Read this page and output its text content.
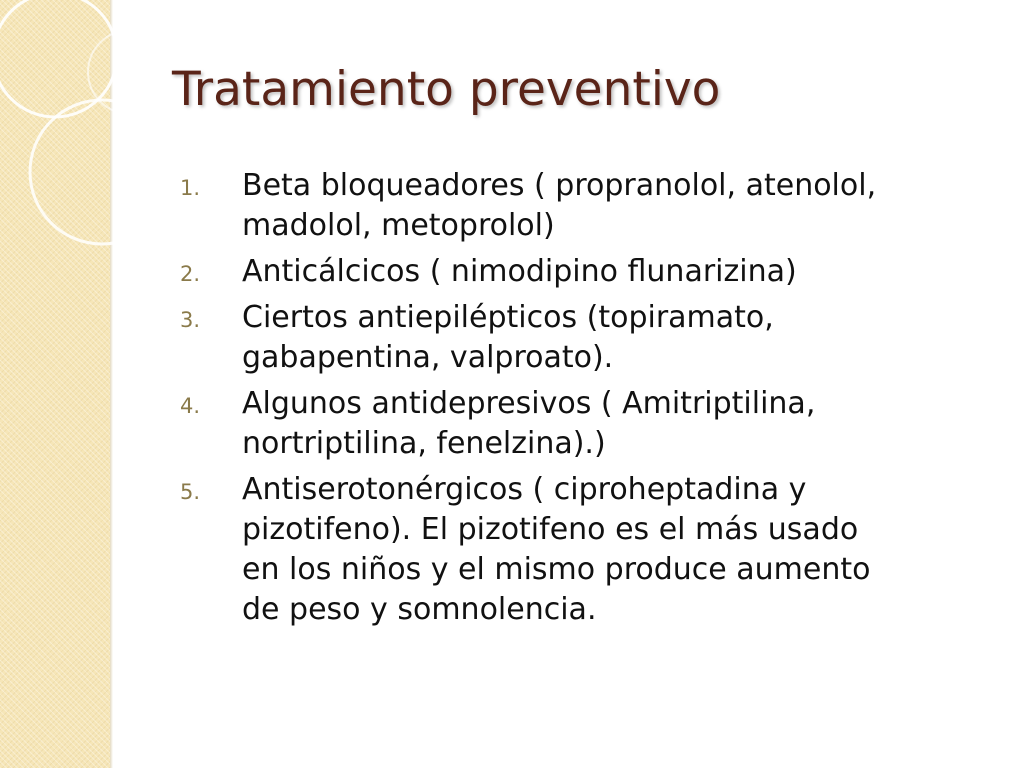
Tratamiento preventivo
1. Beta bloqueadores ( propranolol, atenolol,
madolol, metoprolol)
2. Anticálcicos ( nimodipino flunarizina)
3. Ciertos antiepilépticos (topiramato,
gabapentina, valproato).
4. Algunos antidepresivos ( Amitriptilina,
nortriptilina, fenelzina).)
5. Antiserotonérgicos ( ciproheptadina y
pizotifeno). El pizotifeno es el más usado
en los niños y el mismo produce aumento
de peso y somnolencia.
